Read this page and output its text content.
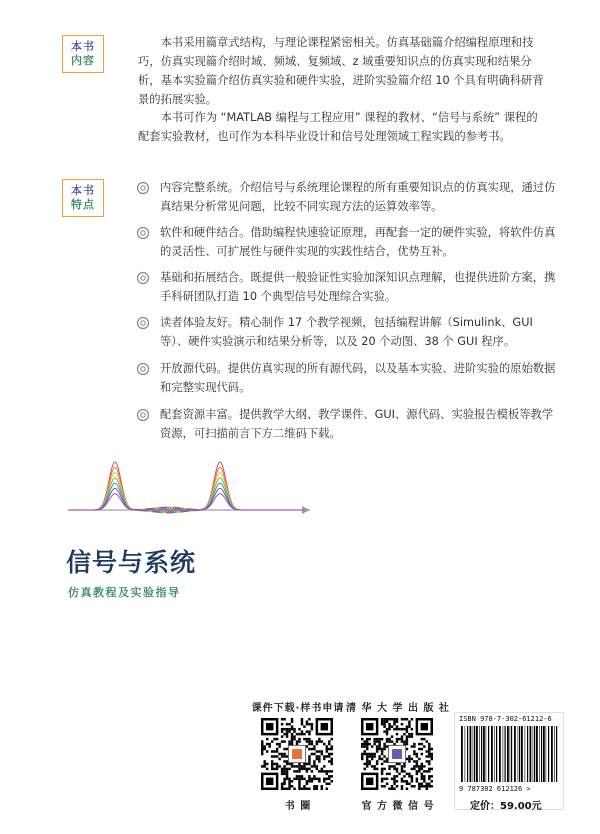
本书
内容

本书采用篇章式结构，与理论课程紧密相关。仿真基础篇介绍编程原理和技巧，仿真实现篇介绍时域、频域、复频域、z 域重要知识点的仿真实现和结果分析，基本实验篇介绍仿真实验和硬件实验，进阶实验篇介绍 10 个具有明确科研背景的拓展实验。

本书可作为 “MATLAB 编程与工程应用” 课程的教材、“信号与系统” 课程的配套实验教材，也可作为本科毕业设计和信号处理领域工程实践的参考书。

本书
特点
内容完整系统。介绍信号与系统理论课程的所有重要知识点的仿真实现，通过仿真结果分析常见问题，比较不同实现方法的运算效率等。
软件和硬件结合。借助编程快速验证原理，再配套一定的硬件实验，将软件仿真的灵活性、可扩展性与硬件实现的实践性结合，优势互补。
基础和拓展结合。既提供一般验证性实验加深知识点理解，也提供进阶方案，携手科研团队打造 10 个典型信号处理综合实验。
读者体验友好。精心制作 17 个教学视频，包括编程讲解（Simulink、GUI 等）、硬件实验演示和结果分析等，以及 20 个动图、38 个 GUI 程序。
开放源代码。提供仿真实现的所有源代码，以及基本实验、进阶实验的原始数据和完整实现代码。
配套资源丰富。提供教学大纲、教学课件、GUI、源代码、实验报告模板等教学资源，可扫描前言下方二维码下载。
信号与系统
仿真教程及实验指导
课件下载·样书申请
书 圈
清 华 大 学 出 版 社
官 方 微 信 号
ISBN 978-7-302-61212-6
9 787302 612126 >
定价：59.00元
